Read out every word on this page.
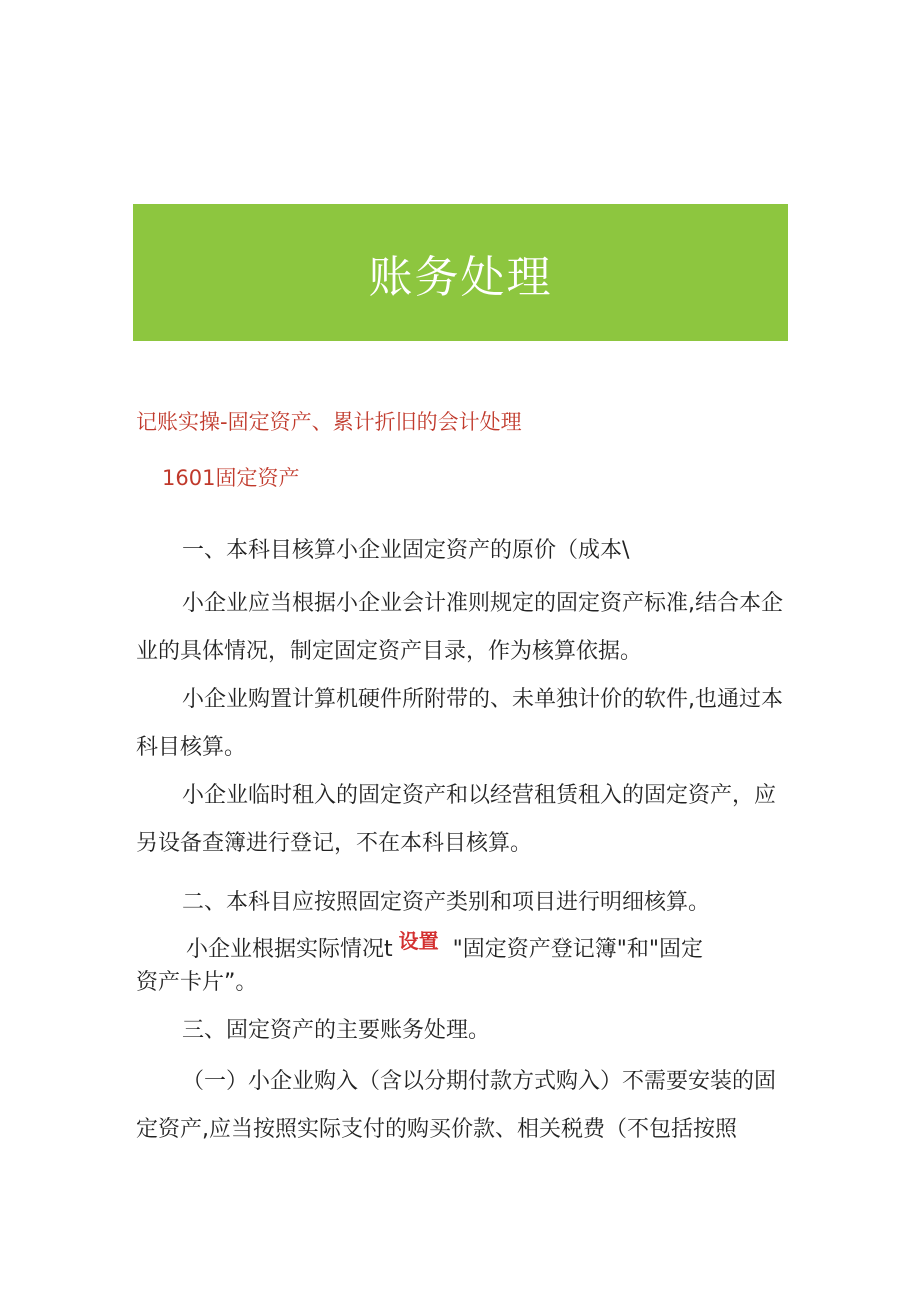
账务处理
记账实操-固定资产、累计折旧的会计处理
1601固定资产
一、本科目核算小企业固定资产的原价（成本\

小企业应当根据小企业会计准则规定的固定资产标准,结合本企业的具体情况，制定固定资产目录，作为核算依据。

小企业购置计算机硬件所附带的、未单独计价的软件,也通过本科目核算。

小企业临时租入的固定资产和以经营租赁租入的固定资产，应另设备查簿进行登记，不在本科目核算。

二、本科目应按照固定资产类别和项目进行明细核算。
小企业根据实际情况t 设置 "固定资产登记簿"和"固定
资产卡片”。
三、固定资产的主要账务处理。

（一）小企业购入（含以分期付款方式购入）不需要安装的固定资产,应当按照实际支付的购买价款、相关税费（不包括按照
